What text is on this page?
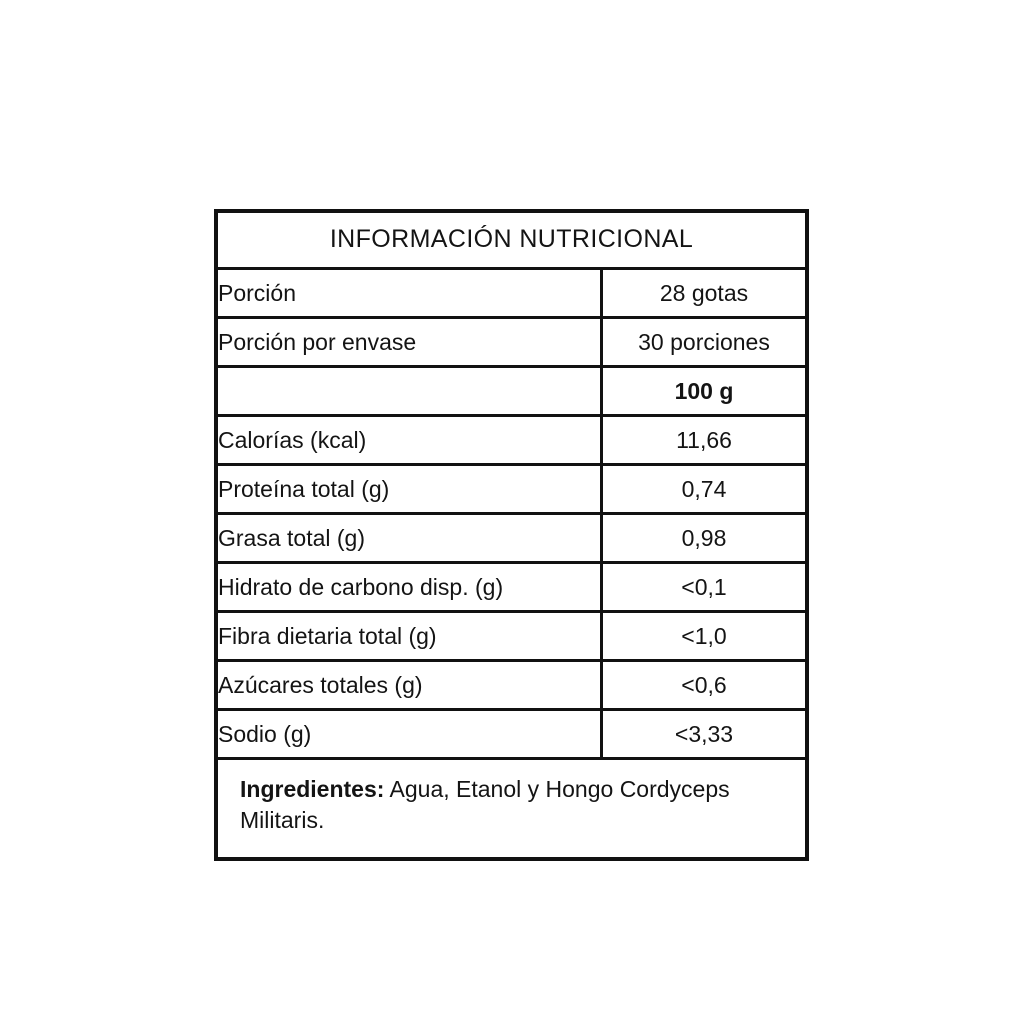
INFORMACIÓN NUTRICIONAL
Porción	28 gotas
Porción por envase	30 porciones
	100 g
Calorías (kcal)	11,66
Proteína total (g)	0,74
Grasa total (g)	0,98
Hidrato de carbono disp. (g)	<0,1
Fibra dietaria total (g)	<1,0
Azúcares totales (g)	<0,6
Sodio (g)	<3,33
Ingredientes: Agua, Etanol y Hongo Cordyceps Militaris.
